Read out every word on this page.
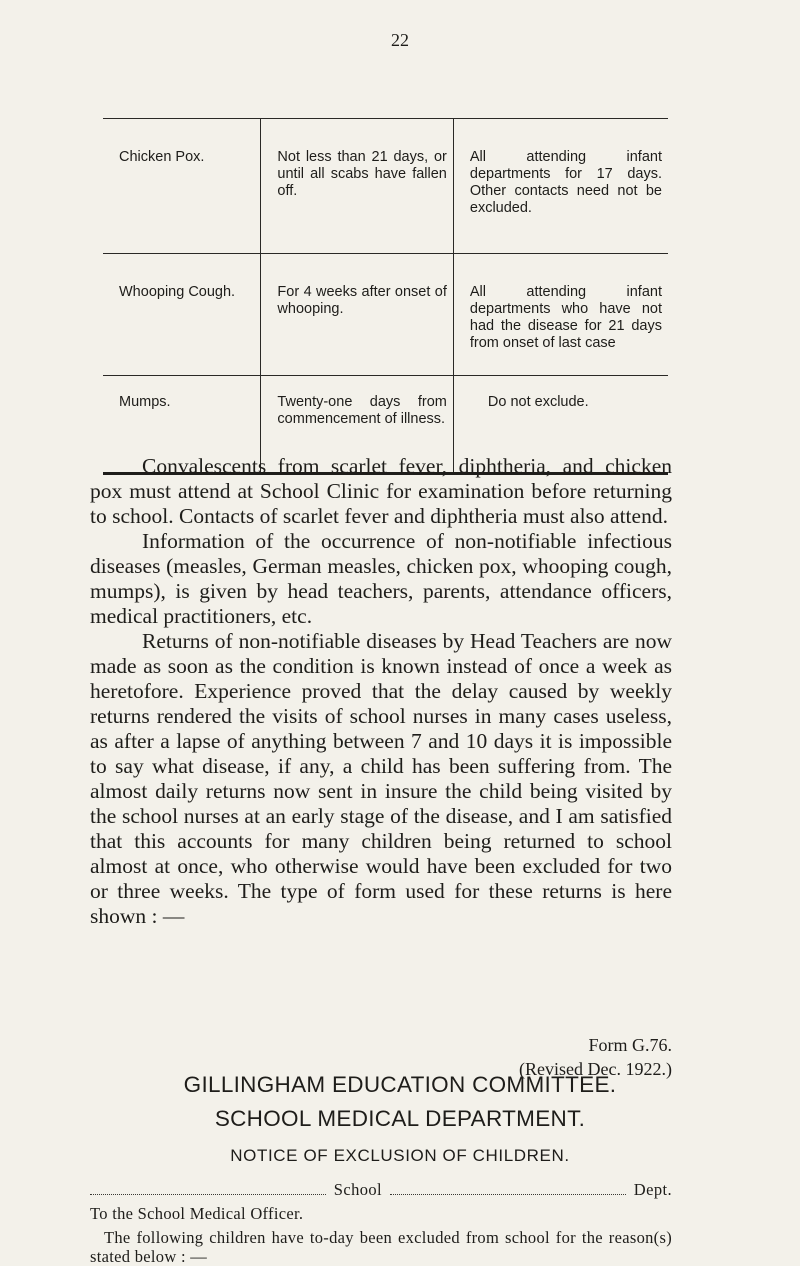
22
Chicken Pox.	Not less than 21 days, or until all scabs have fallen off.	All attending infant departments for 17 days. Other contacts need not be excluded.
Whooping Cough.	For 4 weeks after onset of whooping.	All attending infant departments who have not had the disease for 21 days from onset of last case
Mumps.	Twenty-one days from commencement of illness.	Do not exclude.

Convalescents from scarlet fever, diphtheria, and chicken pox must attend at School Clinic for examination before returning to school. Contacts of scarlet fever and diphtheria must also attend.

Information of the occurrence of non-notifiable infectious diseases (measles, German measles, chicken pox, whooping cough, mumps), is given by head teachers, parents, attendance officers, medical practitioners, etc.

Returns of non-notifiable diseases by Head Teachers are now made as soon as the condition is known instead of once a week as heretofore. Experience proved that the delay caused by weekly returns rendered the visits of school nurses in many cases useless, as after a lapse of anything between 7 and 10 days it is impossible to say what disease, if any, a child has been suffering from. The almost daily returns now sent in insure the child being visited by the school nurses at an early stage of the disease, and I am satisfied that this accounts for many children being returned to school almost at once, who otherwise would have been excluded for two or three weeks. The type of form used for these returns is here shown : —

Form G.76.
(Revised Dec. 1922.)
GILLINGHAM EDUCATION COMMITTEE.
SCHOOL MEDICAL DEPARTMENT.
NOTICE OF EXCLUSION OF CHILDREN.
School	Dept.
To the School Medical Officer.
The following children have to-day been excluded from school for the reason(s) stated below : —
